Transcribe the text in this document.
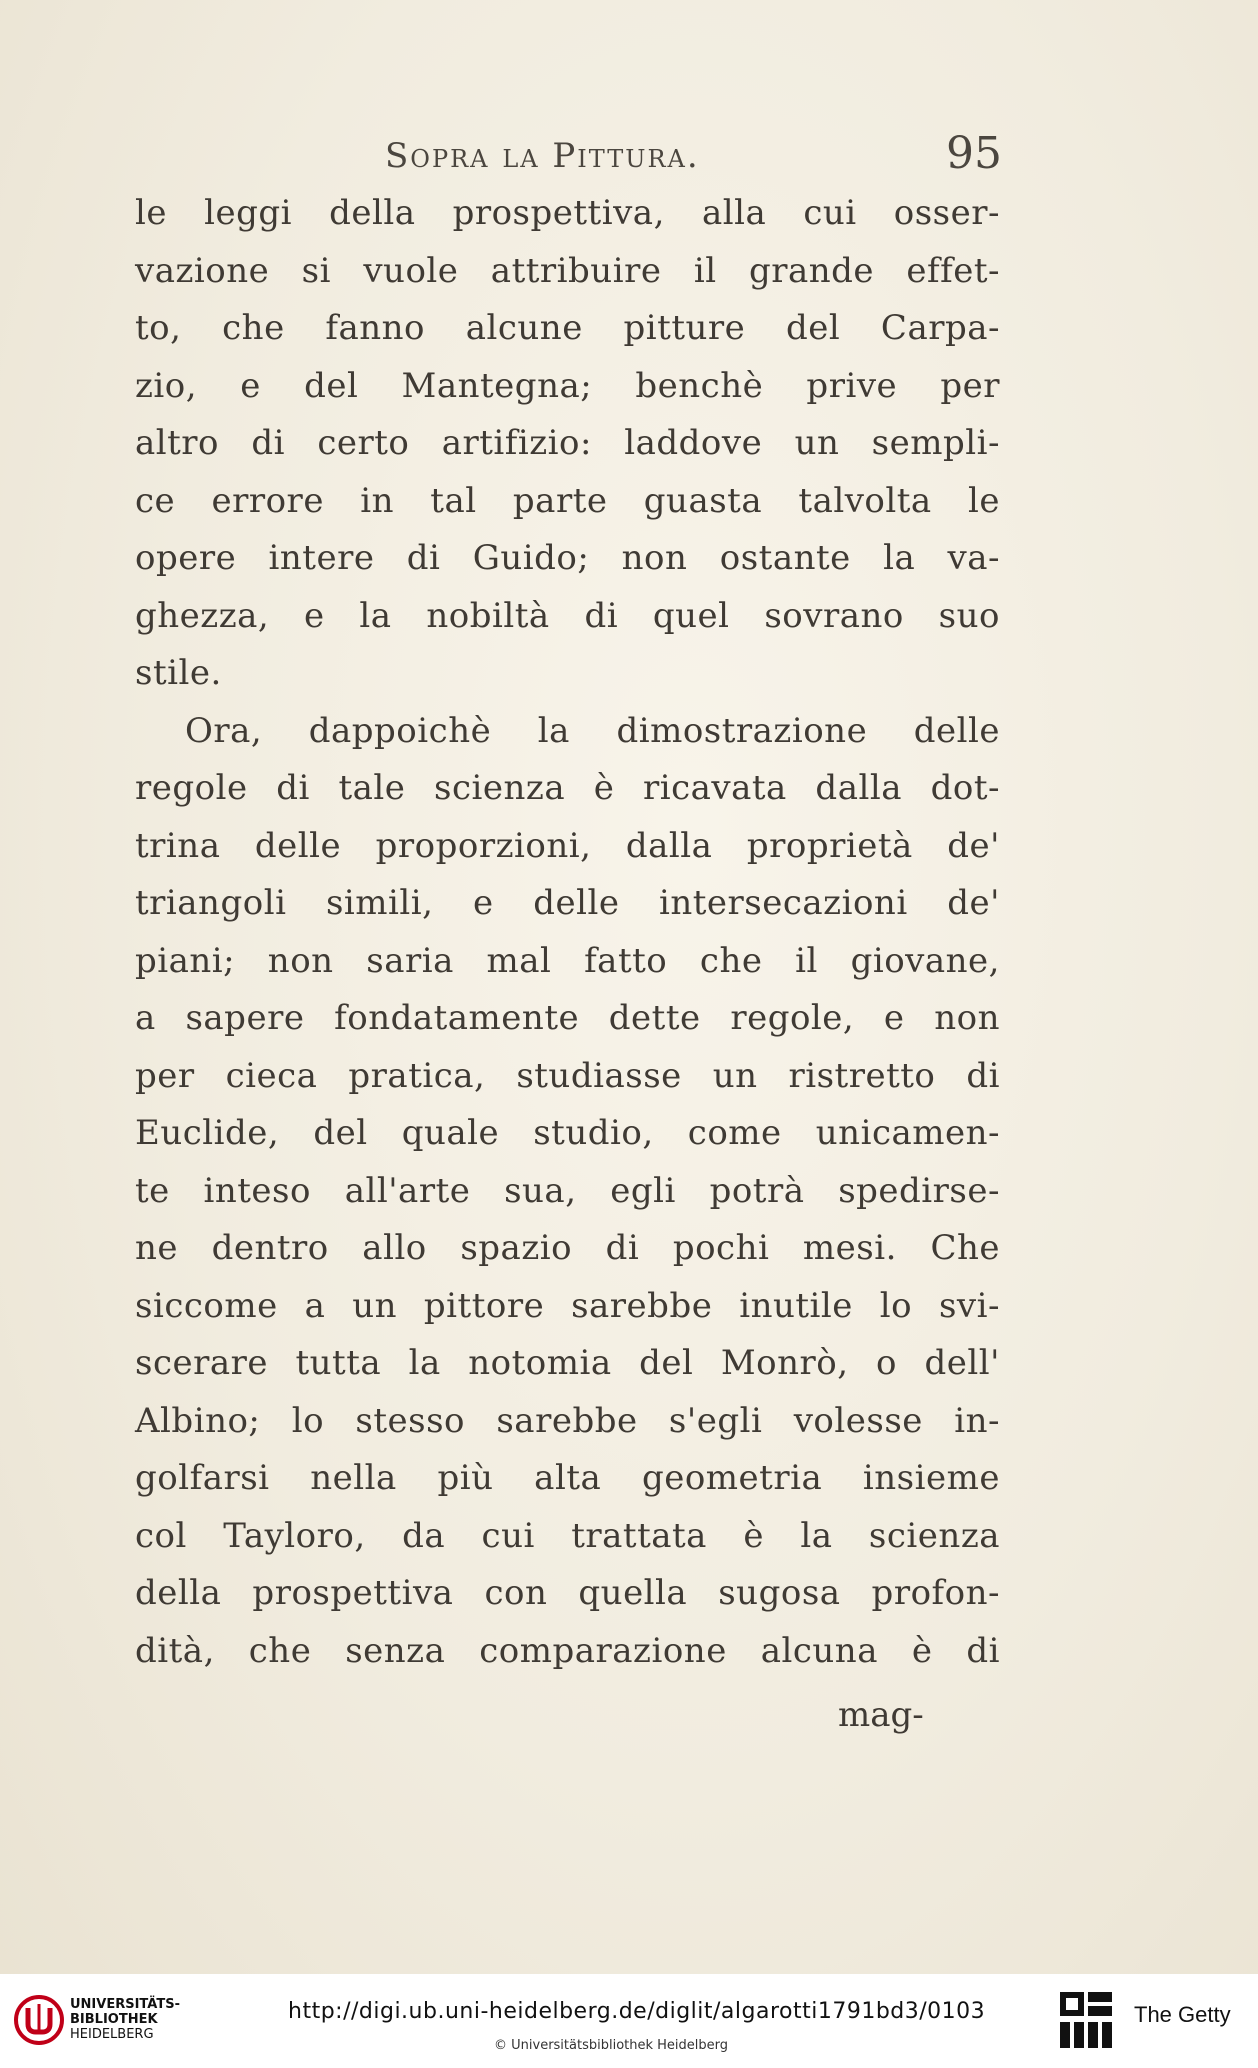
Sopra la Pittura.	95
le leggi della prospettiva, alla cui osser-
vazione si vuole attribuire il grande effet-
to, che fanno alcune pitture del Carpa-
zio, e del Mantegna; benchè prive per
altro di certo artifizio: laddove un sempli-
ce errore in tal parte guasta talvolta le
opere intere di Guido; non ostante la va-
ghezza, e la nobiltà di quel sovrano suo
stile.
Ora, dappoichè la dimostrazione delle
regole di tale scienza è ricavata dalla dot-
trina delle proporzioni, dalla proprietà de'
triangoli simili, e delle intersecazioni de'
piani; non saria mal fatto che il giovane,
a sapere fondatamente dette regole, e non
per cieca pratica, studiasse un ristretto di
Euclide, del quale studio, come unicamen-
te inteso all'arte sua, egli potrà spedirse-
ne dentro allo spazio di pochi mesi. Che
siccome a un pittore sarebbe inutile lo svi-
scerare tutta la notomia del Monrò, o dell'
Albino; lo stesso sarebbe s'egli volesse in-
golfarsi nella più alta geometria insieme
col Tayloro, da cui trattata è la scienza
della prospettiva con quella sugosa profon-
dità, che senza comparazione alcuna è di
mag-
UNIVERSITÄTS-
BIBLIOTHEK
HEIDELBERG
http://digi.ub.uni-heidelberg.de/diglit/algarotti1791bd3/0103
© Universitätsbibliothek Heidelberg
The Getty
